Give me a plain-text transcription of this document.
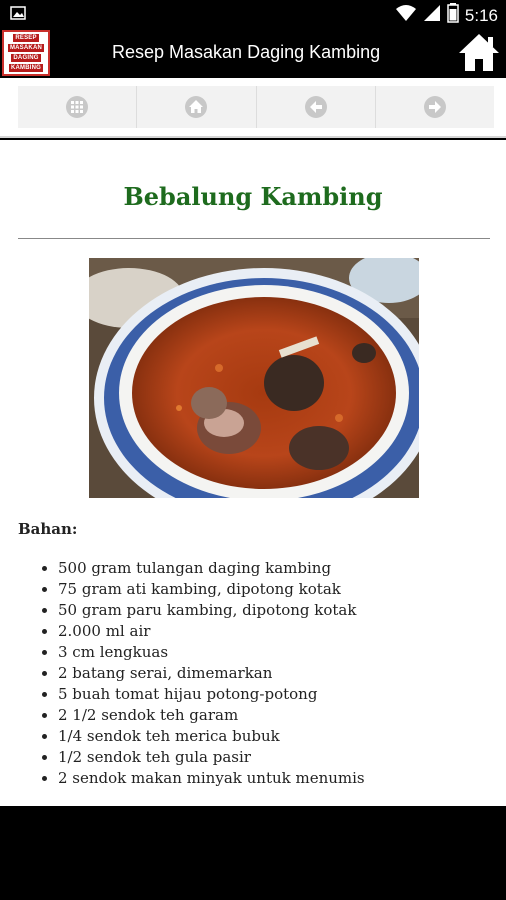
5:16
RESEP
MASAKAN
DAGING
KAMBING
Resep Masakan Daging Kambing
Bebalung Kambing
Bahan:
• 500 gram tulangan daging kambing
• 75 gram ati kambing, dipotong kotak
• 50 gram paru kambing, dipotong kotak
• 2.000 ml air
• 3 cm lengkuas
• 2 batang serai, dimemarkan
• 5 buah tomat hijau potong-potong
• 2 1/2 sendok teh garam
• 1/4 sendok teh merica bubuk
• 1/2 sendok teh gula pasir
• 2 sendok makan minyak untuk menumis
